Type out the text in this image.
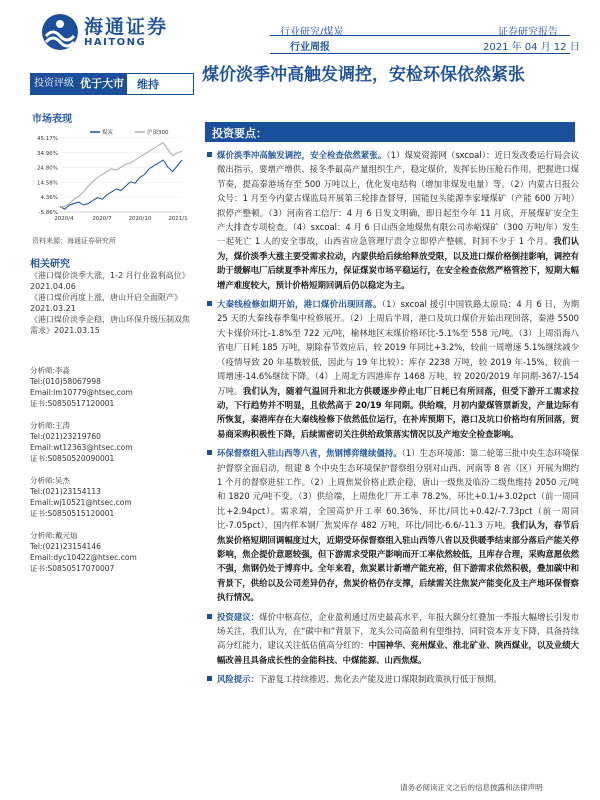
海通证券
HAITONG
行业研究/煤炭
行业周报
证券研究报告
2021 年 04 月 12 日
投资评级 优于大市 维持	煤价淡季冲高触发调控，安检环保依然紧张
市场表现
-5.86%
4.36%
14.58%
24.80%
34.96%
45.17%
2020/4	2020/7	2020/10	2021/1
煤炭	沪深300
资料来源：海通证券研究所
相关研究
《港口煤价淡季大涨，1-2 月行业盈利高位》2021.04.06
《港口煤价再度上涨，唐山开启全面限产》2021.03.21
《港口煤价淡季企稳，唐山环保升级压制双焦需求》2021.03.15
分析师:李淼
Tel:(010)58067998
Email:lm10779@htsec.com
证书:S0850517120001
分析师:王涛
Tel:(021)23219760
Email:wt12363@htsec.com
证书:S0850520090001
分析师:吴杰
Tel:(021)23154113
Email:wj10521@htsec.com
证书:S0850515120001
分析师:戴元灿
Tel:(021)23154146
Email:dyc10422@htsec.com
证书:S0850517070007
投资要点：
煤价淡季冲高触发调控，安全检查依然紧张。（1）煤炭资源网（sxcoal）：近日发改委运行局会议微出指示，要增产增供、接冬季最高产量组织生产，稳定煤价，发挥长协压舱石作用，把握进口煤节奏，提高秦港场存至 500 万吨以上，优化发电结构（增加非煤发电量）等。（2）内蒙古日报公众号：1 月至今内蒙古煤监局开展第三轮排查督导，国能包头能源李家壕煤矿（产能 600 万吨）拟停产整顿。（3）河南省工信厅：4 月 6 日发文明确，即日起至今年 11 月底，开展煤矿安全生产大排查专项检查。（4）sxcoal：4 月 6 日山西金地煤焦有限公司赤峪煤矿（300 万吨/年）发生一起死亡 1 人的安全事故，山西省应急管理厅责令立即停产整顿，时间不少于 1 个月。我们认为，煤价淡季大涨主要受需求拉动，内蒙供给后续给释放受限，以及进口煤价格倒挂影响，调控有助于缓解电厂后续夏季补库压力，保证煤炭市场平稳运行，在安全检查依然严格管控下，短期大幅增产难度较大，预计价格短期回调后仍以稳定为主。
大秦线检修如期开始，港口煤价出现回落。（1）sxcoal 援引中国铁路太原局：4 月 6 日，为期 25 天的大秦线春季集中检修展开。（2）上周后半周，港口及坑口煤价开始出现回落，秦港 5500 大卡煤价环比-1.8%至 722 元/吨，榆林地区末煤价格环比-5.1%至 558 元/吨。（3）上周沿海八省电厂日耗 185 万吨，剔除春节效应后，较 2019 年同比+3.2%，较前一周增速 5.1%继续减少（疫情导致 20 年基数较低，因此与 19 年比较）；库存 2238 万吨，较 2019 年-15%，较前一周增速-14.6%继续下降。（4）上周北方四港库存 1468 万吨，较 2020/2019 年同期-367/-154 万吨。我们认为，随着气温回升和北方供暖逐步停止电厂日耗已有所回落，但受下游开工需求拉动，下行趋势并不明显，且依然高于 20/19 年同期。供给端，月初内蒙煤管票新发，产量边际有所恢复，秦港库存在大秦线检修下依然低位运行，在补库预期下，港口及坑口价格均有所回落，贸易商采购积极性下降，后续需密切关注供给政策落实情况以及产地安全检查影响。
环保督察组入驻山西等八省，焦钢博弈继续僵持。（1）生态环境部：第二轮第三批中央生态环境保护督察全面启动，组建 8 个中央生态环境保护督察组分别对山西、河南等 8 省（区）开展为期约 1 个月的督察进驻工作。（2）上周焦炭价格止跌企稳，唐山一级焦及临汾二级焦维持 2050 元/吨和 1820 元/吨不变。（3）供给端，上周焦化厂开工率 78.2%，环比+0.1/+3.02pct（前一周同比+2.94pct）。需求端，全国高炉开工率 60.36%，环比/同比+0.42/-7.73pct（前一周同比-7.05pct），国内样本钢厂焦炭库存 482 万吨，环比/同比-6.6/-11.3 万吨。我们认为，春节后焦炭价格短期回调幅度过大，近期受环保督察组入驻山西等八省以及供暖季结束部分落后产能关停影响，焦企提价意愿较强，但下游需求受限产影响而开工率依然较低，且库存合理，采购意愿依然不强，焦钢仍处于博弈中。全年来看，焦炭累计新增产能充裕，但下游需求依然积极，叠加碳中和背景下，供给以及公司差异仍存，焦炭价格仍存支撑，后续需关注焦炭产能变化及主产地环保督察执行情况。
投资建议：煤价中枢高位，企业盈利通过历史最高水平，年报大额分红叠加一季报大幅增长引发市场关注，我们认为，在“碳中和”背景下，龙头公司高盈利有望维持，同时资本开支下降，具备持续高分红能力，建议关注低估值高分红的：中国神华、兖州煤业、淮北矿业、陕西煤业，以及业绩大幅改善且具备成长性的金能科技、中煤能源、山西焦煤。
风险提示：下游复工持续推迟、焦化去产能及进口煤限制政策执行低于预期。
请务必阅读正文之后的信息披露和法律声明
